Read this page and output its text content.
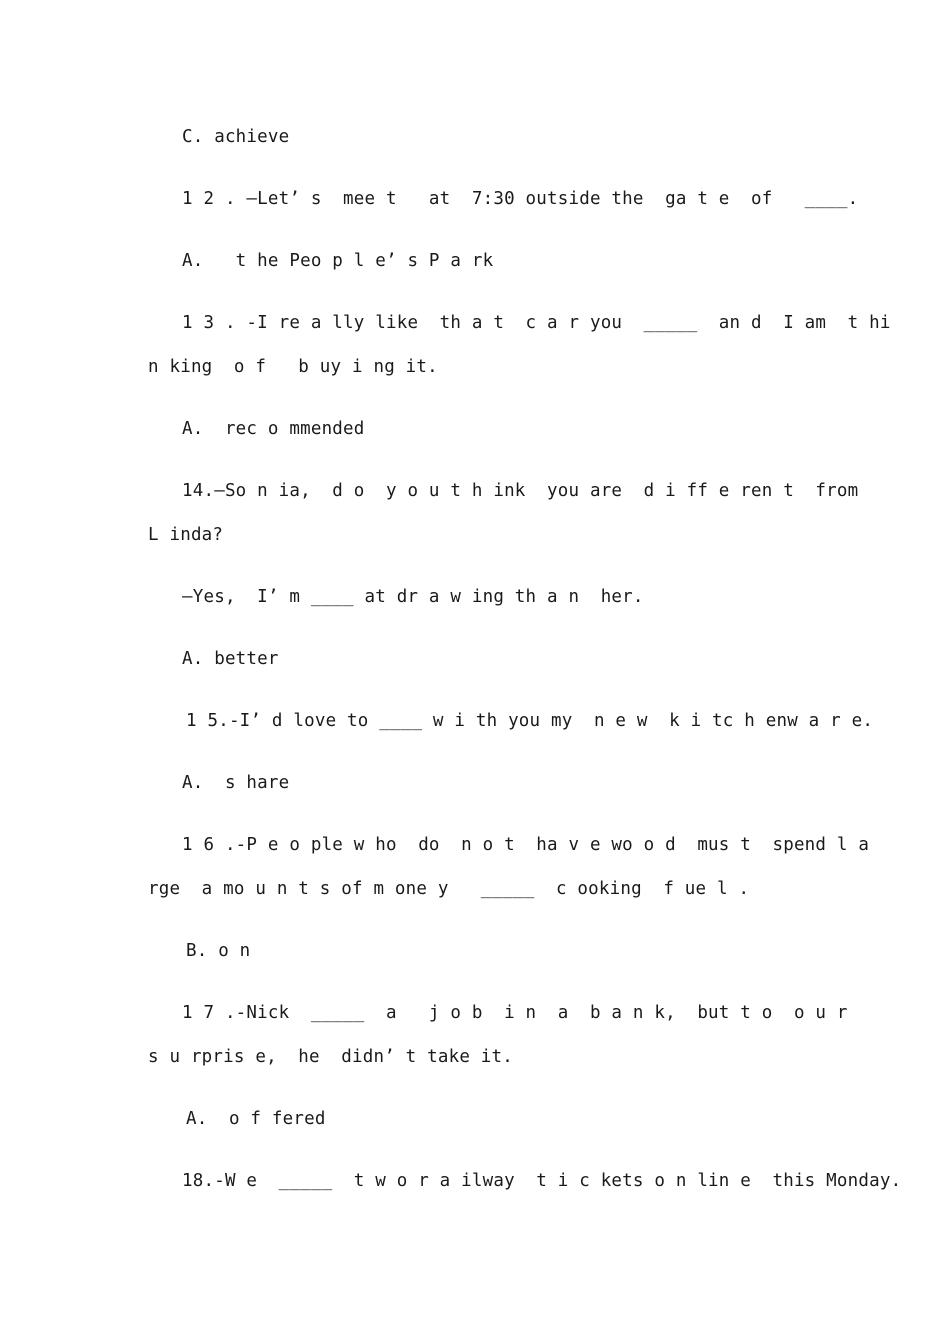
C. achieve
1 2 . —Let’ s  mee t   at  7:30 outside the  ga t e  of   ____.
A.   t he Peo p l e’ s P a rk
1 3 . -I re a lly like  th a t  c a r you  _____  an d  I am  t hi
n king  o f   b uy i ng it.
A.  rec o mmended
14.—So n ia,  d o  y o u t h ink  you are  d i ff e ren t  from
L inda?
—Yes,  I’ m ____ at dr a w ing th a n  her.
A. better
1 5.-I’ d love to ____ w i th you my  n e w  k i tc h enw a r e.
A.  s hare
1 6 .-P e o ple w ho  do  n o t  ha v e wo o d  mus t  spend l a
rge  a mo u n t s of m one y   _____  c ooking  f ue l .
B. o n
1 7 .-Nick  _____  a   j o b  i n  a  b a n k,  but t o  o u r
s u rpris e,  he  didn’ t take it.
A.  o f fered
18.-W e  _____  t w o r a ilway  t i c kets o n lin e  this Monday.
